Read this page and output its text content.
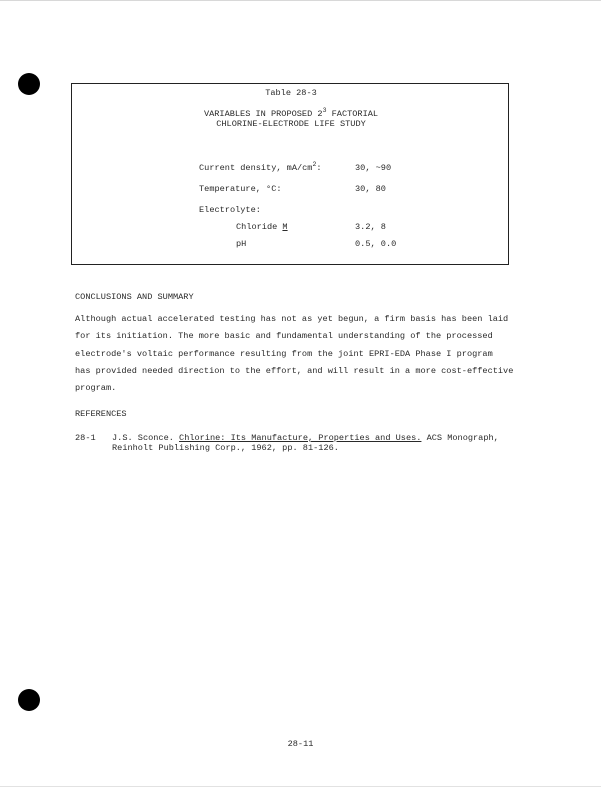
Table 28-3
VARIABLES IN PROPOSED $2^3$ FACTORIAL
CHLORINE-ELECTRODE LIFE STUDY
Current density, $mA/cm^2$:	30, ~90
Temperature, °C:	30, 80
Electrolyte:
Chloride M	3.2, 8
pH	0.5, 0.0
CONCLUSIONS AND SUMMARY

Although actual accelerated testing has not as yet begun, a firm basis has been laid

for its initiation. The more basic and fundamental understanding of the processed

electrode's voltaic performance resulting from the joint EPRI-EDA Phase I program

has provided needed direction to the effort, and will result in a more cost-effective

program.

REFERENCES
28-1 J.S. Sconce. Chlorine: Its Manufacture, Properties and Uses. ACS Monograph,
Reinholt Publishing Corp., 1962, pp. 81-126.
28-11
